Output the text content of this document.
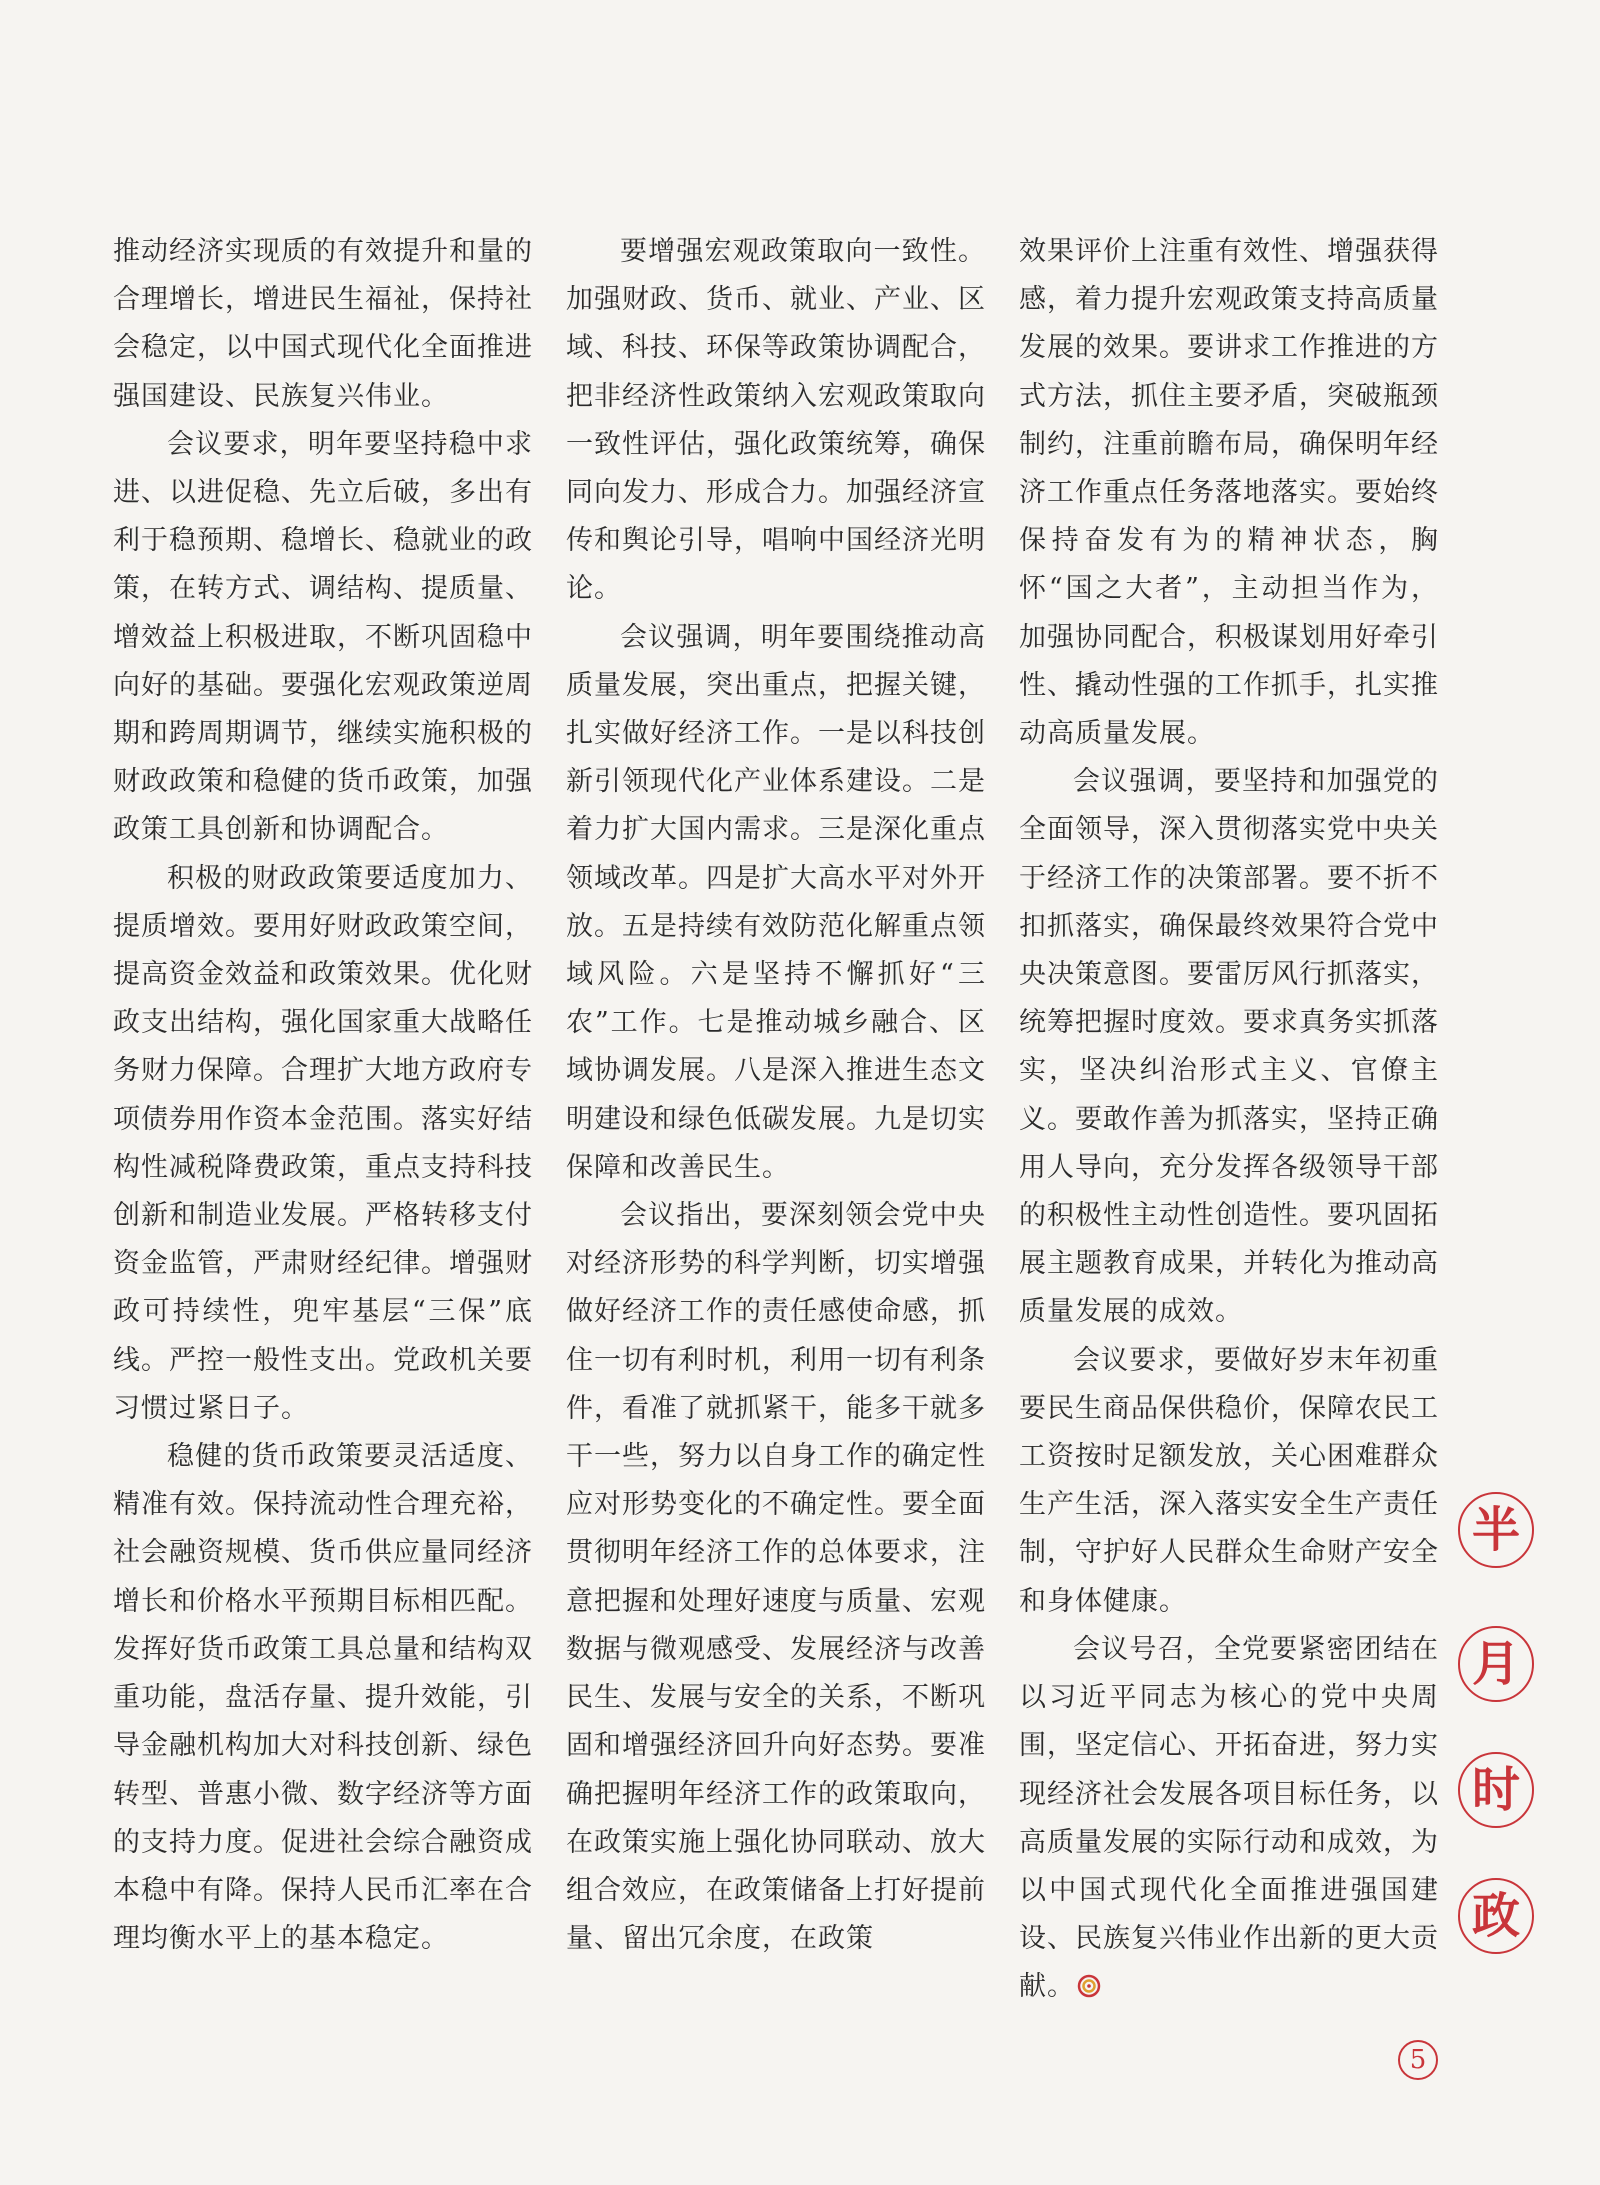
推动经济实现质的有效提升和量的合理增长，增进民生福祉，保持社会稳定，以中国式现代化全面推进强国建设、民族复兴伟业。

会议要求，明年要坚持稳中求进、以进促稳、先立后破，多出有利于稳预期、稳增长、稳就业的政策，在转方式、调结构、提质量、增效益上积极进取，不断巩固稳中向好的基础。要强化宏观政策逆周期和跨周期调节，继续实施积极的财政政策和稳健的货币政策，加强政策工具创新和协调配合。

积极的财政政策要适度加力、提质增效。要用好财政政策空间，提高资金效益和政策效果。优化财政支出结构，强化国家重大战略任务财力保障。合理扩大地方政府专项债券用作资本金范围。落实好结构性减税降费政策，重点支持科技创新和制造业发展。严格转移支付资金监管，严肃财经纪律。增强财政可持续性，兜牢基层“三保”底线。严控一般性支出。党政机关要习惯过紧日子。

稳健的货币政策要灵活适度、精准有效。保持流动性合理充裕，社会融资规模、货币供应量同经济增长和价格水平预期目标相匹配。发挥好货币政策工具总量和结构双重功能，盘活存量、提升效能，引导金融机构加大对科技创新、绿色转型、普惠小微、数字经济等方面的支持力度。促进社会综合融资成本稳中有降。保持人民币汇率在合理均衡水平上的基本稳定。

要增强宏观政策取向一致性。加强财政、货币、就业、产业、区域、科技、环保等政策协调配合，把非经济性政策纳入宏观政策取向一致性评估，强化政策统筹，确保同向发力、形成合力。加强经济宣传和舆论引导，唱响中国经济光明论。

会议强调，明年要围绕推动高质量发展，突出重点，把握关键，扎实做好经济工作。一是以科技创新引领现代化产业体系建设。二是着力扩大国内需求。三是深化重点领域改革。四是扩大高水平对外开放。五是持续有效防范化解重点领域风险。六是坚持不懈抓好“三农”工作。七是推动城乡融合、区域协调发展。八是深入推进生态文明建设和绿色低碳发展。九是切实保障和改善民生。

会议指出，要深刻领会党中央对经济形势的科学判断，切实增强做好经济工作的责任感使命感，抓住一切有利时机，利用一切有利条件，看准了就抓紧干，能多干就多干一些，努力以自身工作的确定性应对形势变化的不确定性。要全面贯彻明年经济工作的总体要求，注意把握和处理好速度与质量、宏观数据与微观感受、发展经济与改善民生、发展与安全的关系，不断巩固和增强经济回升向好态势。要准确把握明年经济工作的政策取向，在政策实施上强化协同联动、放大组合效应，在政策储备上打好提前量、留出冗余度，在政策

效果评价上注重有效性、增强获得感，着力提升宏观政策支持高质量发展的效果。要讲求工作推进的方式方法，抓住主要矛盾，突破瓶颈制约，注重前瞻布局，确保明年经济工作重点任务落地落实。要始终保持奋发有为的精神状态，胸怀“国之大者”，主动担当作为，加强协同配合，积极谋划用好牵引性、撬动性强的工作抓手，扎实推动高质量发展。

会议强调，要坚持和加强党的全面领导，深入贯彻落实党中央关于经济工作的决策部署。要不折不扣抓落实，确保最终效果符合党中央决策意图。要雷厉风行抓落实，统筹把握时度效。要求真务实抓落实，坚决纠治形式主义、官僚主义。要敢作善为抓落实，坚持正确用人导向，充分发挥各级领导干部的积极性主动性创造性。要巩固拓展主题教育成果，并转化为推动高质量发展的成效。

会议要求，要做好岁末年初重要民生商品保供稳价，保障农民工工资按时足额发放，关心困难群众生产生活，深入落实安全生产责任制，守护好人民群众生命财产安全和身体健康。

会议号召，全党要紧密团结在以习近平同志为核心的党中央周围，坚定信心、开拓奋进，努力实现经济社会发展各项目标任务，以高质量发展的实际行动和成效，为以中国式现代化全面推进强国建设、民族复兴伟业作出新的更大贡献。

半
月
时
政
5
